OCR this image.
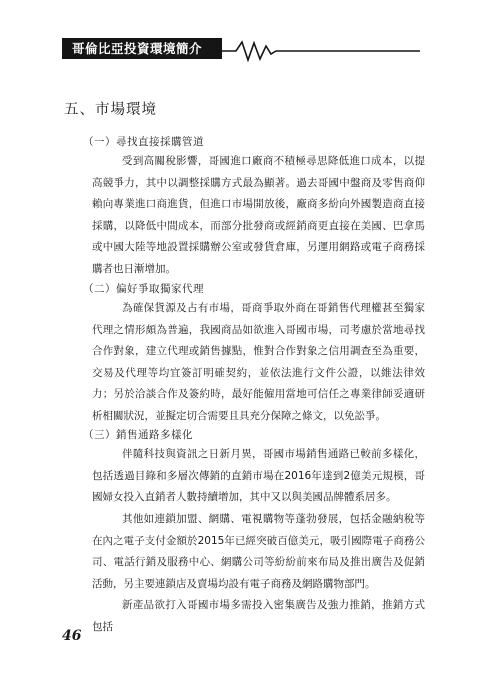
哥倫比亞投資環境簡介
五、市場環境
（一）尋找直接採購管道

受到高關稅影響，哥國進口廠商不積極尋思降低進口成本，以提高競爭力，其中以調整採購方式最為顯著。過去哥國中盤商及零售商仰賴向專業進口商進貨，但進口市場開放後，廠商多紛向外國製造商直接採購，以降低中間成本，而部分批發商或經銷商更直接在美國、巴拿馬或中國大陸等地設置採購辦公室或發貨倉庫，另運用網路或電子商務採購者也日漸增加。

（二）偏好爭取獨家代理

為確保貨源及占有市場，哥商爭取外商在哥銷售代理權甚至獨家代理之情形頗為普遍，我國商品如欲進入哥國市場，司考慮於當地尋找合作對象，建立代理或銷售據點，惟對合作對象之信用調查至為重要，交易及代理等均宜簽訂明確契約，並依法進行文件公證，以維法律效力；另於洽談合作及簽約時，最好能僱用當地可信任之專業律師妥適研析相關狀況，並擬定切合需要且具充分保障之條文，以免訟爭。

（三）銷售通路多樣化

伴隨科技與資訊之日新月異，哥國市場銷售通路已較前多樣化，包括透過目錄和多層次傳銷的直銷市場在2016年達到2億美元規模，哥國婦女投入直銷者人數持續增加，其中又以與美國品牌體系居多。

其他如連鎖加盟、網購、電視購物等蓬勃發展，包括金融納稅等在內之電子支付金額於2015年已經突破百億美元，吸引國際電子商務公司、電話行銷及服務中心、網購公司等紛紛前來布局及推出廣告及促銷活動，另主要連鎖店及賣場均設有電子商務及網路購物部門。

新產品欲打入哥國市場多需投入密集廣告及強力推銷，推銷方式包括

46
